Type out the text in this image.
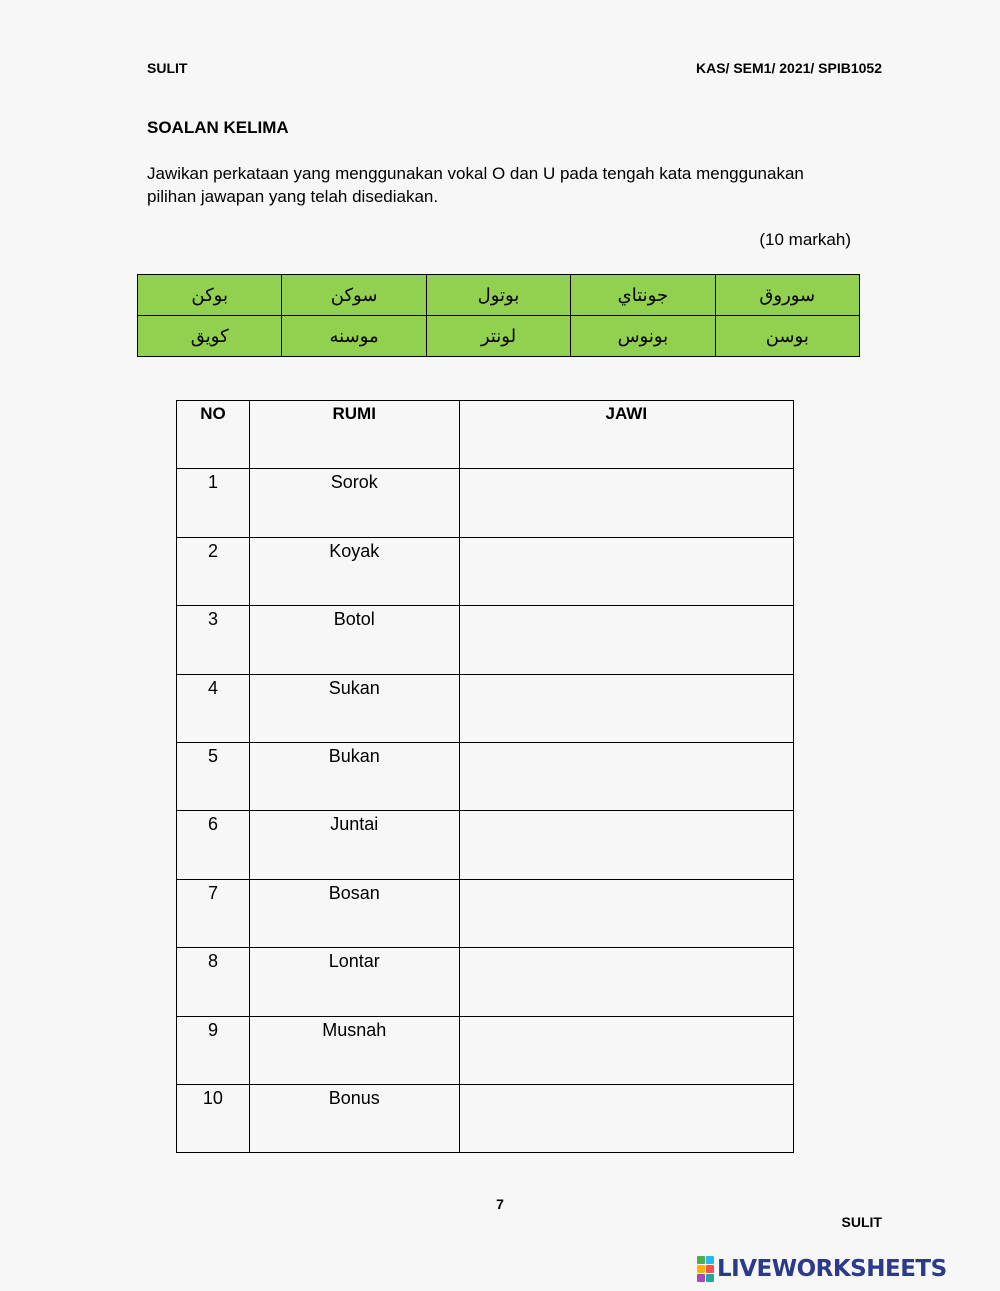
SULIT	KAS/ SEM1/ 2021/ SPIB1052
SOALAN KELIMA
Jawikan perkataan yang menggunakan vokal O dan U pada tengah kata menggunakan pilihan jawapan yang telah disediakan.
(10 markah)
بوكن	سوكن	بوتول	جونتاي	سوروق
كويق	موسنه	لونتر	بونوس	بوسن
NO	RUMI	JAWI
1	Sorok	
2	Koyak	
3	Botol	
4	Sukan	
5	Bukan	
6	Juntai	
7	Bosan	
8	Lontar	
9	Musnah	
10	Bonus	
7
SULIT
LIVEWORKSHEETS
